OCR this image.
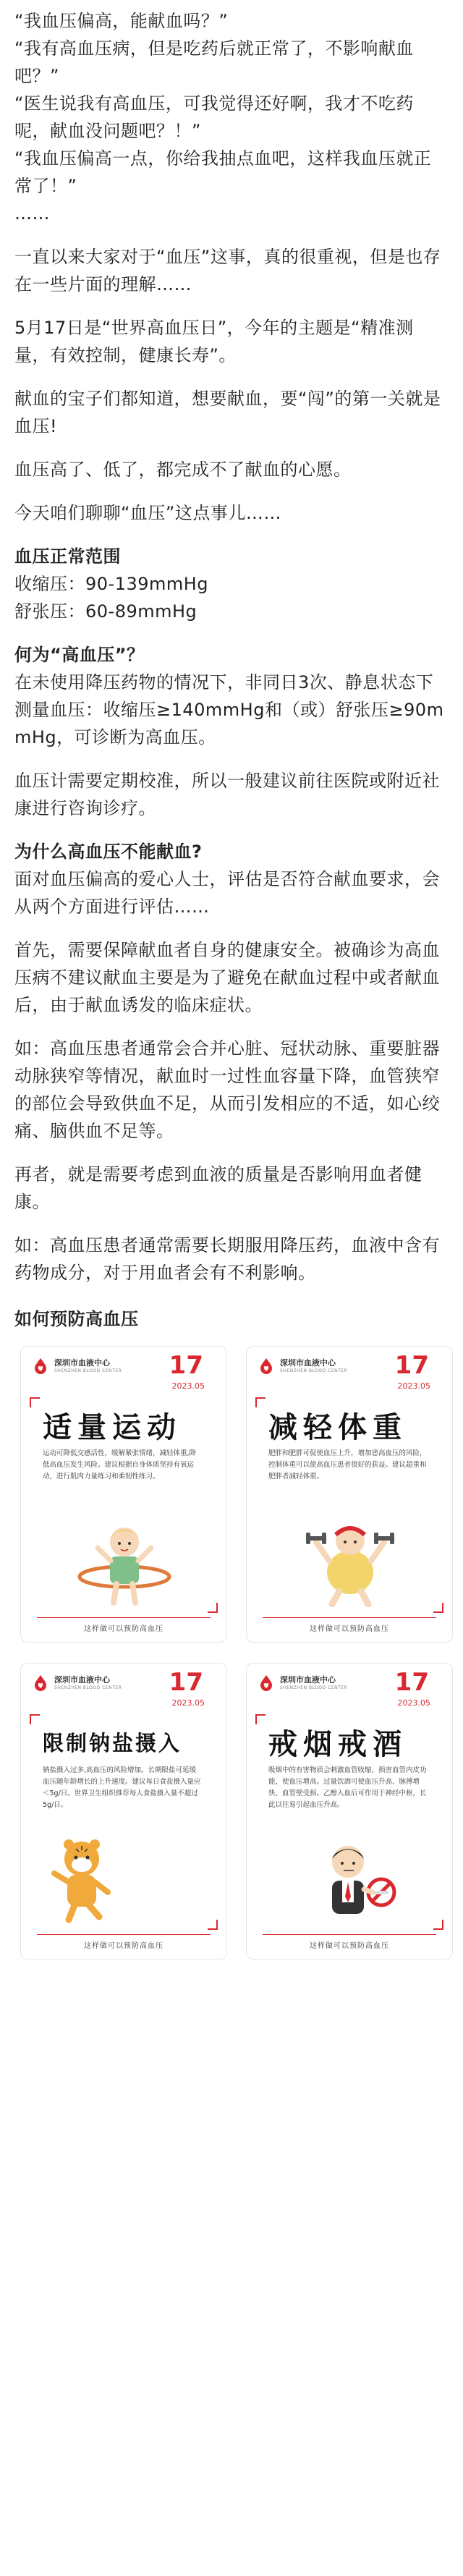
“我血压偏高，能献血吗？”

“我有高血压病，但是吃药后就正常了，不影响献血吧？”

“医生说我有高血压，可我觉得还好啊，我才不吃药呢，献血没问题吧？！”

“我血压偏高一点，你给我抽点血吧，这样我血压就正常了！”

……

一直以来大家对于“血压”这事，真的很重视，但是也存在一些片面的理解……

5月17日是“世界高血压日”，今年的主题是“精准测量，有效控制，健康长寿”。

献血的宝子们都知道，想要献血，要“闯”的第一关就是血压!

血压高了、低了，都完成不了献血的心愿。

今天咱们聊聊“血压”这点事儿……

血压正常范围

收缩压：90-139mmHg

舒张压：60-89mmHg

何为“高血压”？

在未使用降压药物的情况下，非同日3次、静息状态下测量血压：收缩压≥140mmHg和（或）舒张压≥90mmHg，可诊断为高血压。

血压计需要定期校准，所以一般建议前往医院或附近社康进行咨询诊疗。

为什么高血压不能献血?

面对血压偏高的爱心人士，评估是否符合献血要求，会从两个方面进行评估……

首先，需要保障献血者自身的健康安全。被确诊为高血压病不建议献血主要是为了避免在献血过程中或者献血后，由于献血诱发的临床症状。

如：高血压患者通常会合并心脏、冠状动脉、重要脏器动脉狭窄等情况，献血时一过性血容量下降，血管狭窄的部位会导致供血不足，从而引发相应的不适，如心绞痛、脑供血不足等。

再者，就是需要考虑到血液的质量是否影响用血者健康。

如：高血压患者通常需要长期服用降压药，血液中含有药物成分，对于用血者会有不利影响。

如何预防高血压
深圳市血液中心
SHENZHEN BLOOD CENTER 17
2023.05
适量运动
运动可降低交感活性，缓解紧张情绪，减轻体重,降低高血压发生风险。建议根据自身体质坚持有氧运动，进行肌肉力量练习和柔韧性练习。
这样做可以预防高血压
深圳市血液中心
SHENZHEN BLOOD CENTER 17
2023.05
减轻体重
肥胖和肥胖可促使血压上升，增加患高血压的风险，控制体重可以使高血压患者很好的获益。建议超重和肥胖者减轻体重。
这样做可以预防高血压
深圳市血液中心
SHENZHEN BLOOD CENTER 17
2023.05
限制钠盐摄入
钠盐摄入过多,高血压的风险增加。长期限盐可延缓血压随年龄增长的上升速度。建议每日食盐摄入量应＜5g/日。世界卫生组织推荐每人食盐摄入量不超过5g/日。
这样做可以预防高血压
深圳市血液中心
SHENZHEN BLOOD CENTER 17
2023.05
戒烟戒酒
吸烟中的有害物质会刺激血管收缩，损害血管内皮功能，使血压增高。过量饮酒可使血压升高、脉搏增快、血管壁受损。乙醇入血后可作用于神经中枢，长此以往易引起血压升高。
这样做可以预防高血压
